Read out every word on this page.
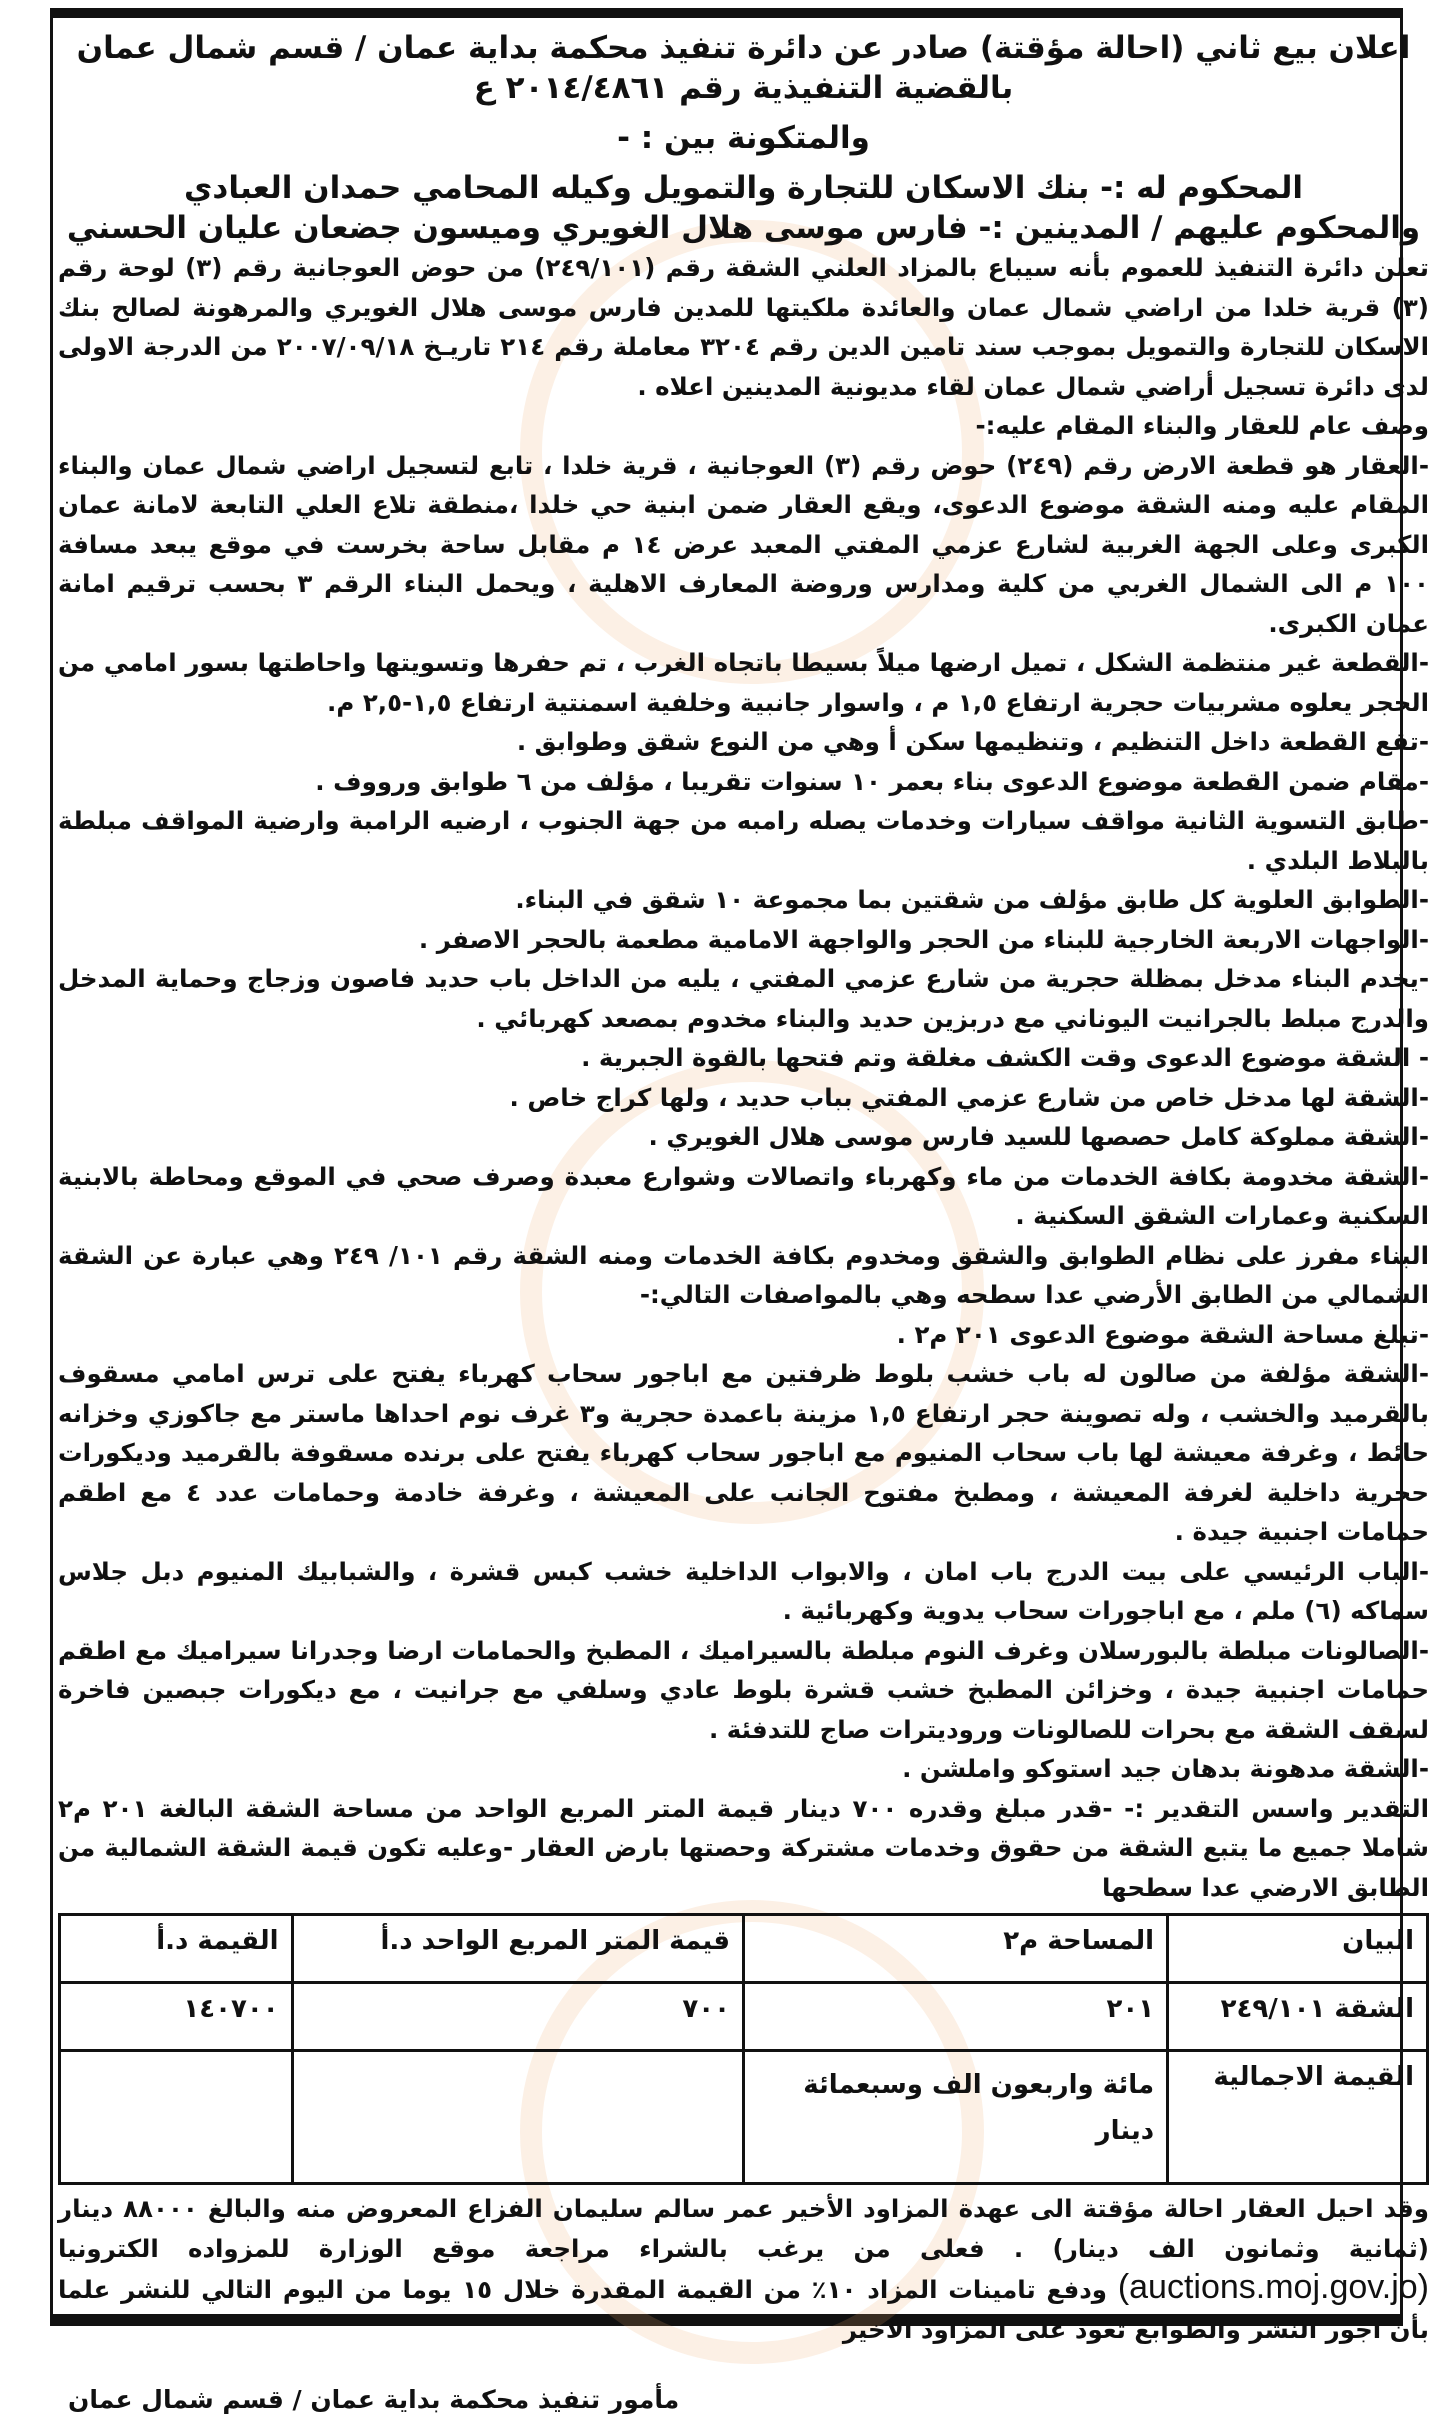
اعلان بيع ثاني (احالة مؤقتة) صادر عن دائرة تنفيذ محكمة بداية عمان / قسم شمال عمان

بالقضية التنفيذية رقم ٢٠١٤/٤٨٦١ ع

والمتكونة بين : -

المحكوم له :- بنك الاسكان للتجارة والتمويل وكيله المحامي حمدان العبادي

والمحكوم عليهم / المدينين :- فارس موسى هلال الغويري وميسون جضعان عليان الحسني

تعلن دائرة التنفيذ للعموم بأنه سيباع بالمزاد العلني الشقة رقم (٢٤٩/١٠١) من حوض العوجانية رقم (٣) لوحة رقم (٣) قرية خلدا من اراضي شمال عمان والعائدة ملكيتها للمدين فارس موسى هلال الغويري والمرهونة لصالح بنك الاسكان للتجارة والتمويل بموجب سند تامين الدين رقم ٣٢٠٤ معاملة رقم ٢١٤ تاريـخ ٢٠٠٧/٠٩/١٨ من الدرجة الاولى لدى دائرة تسجيل أراضي شمال عمان لقاء مديونية المدينين اعلاه .

وصف عام للعقار والبناء المقام عليه:-

-العقار هو قطعة الارض رقم (٢٤٩) حوض رقم (٣) العوجانية ، قرية خلدا ، تابع لتسجيل اراضي شمال عمان والبناء المقام عليه ومنه الشقة موضوع الدعوى، ويقع العقار ضمن ابنية حي خلدا ،منطقة تلاع العلي التابعة لامانة عمان الكبرى وعلى الجهة الغربية لشارع عزمي المفتي المعبد عرض ١٤ م مقابل ساحة بخرست في موقع يبعد مسافة ١٠٠ م الى الشمال الغربي من كلية ومدارس وروضة المعارف الاهلية ، ويحمل البناء الرقم ٣ بحسب ترقيم امانة عمان الكبرى.

-القطعة غير منتظمة الشكل ، تميل ارضها ميلاً بسيطا باتجاه الغرب ، تم حفرها وتسويتها واحاطتها بسور امامي من الحجر يعلوه مشربيات حجرية ارتفاع ١,٥ م ، واسوار جانبية وخلفية اسمنتية ارتفاع ١,٥-٢,٥ م.

-تقع القطعة داخل التنظيم ، وتنظيمها سكن أ وهي من النوع شقق وطوابق .

-مقام ضمن القطعة موضوع الدعوى بناء بعمر ١٠ سنوات تقريبا ، مؤلف من ٦ طوابق ورووف .

-طابق التسوية الثانية مواقف سيارات وخدمات يصله رامبه من جهة الجنوب ، ارضيه الرامبة وارضية المواقف مبلطة بالبلاط البلدي .

-الطوابق العلوية كل طابق مؤلف من شقتين بما مجموعة ١٠ شقق في البناء.

-الواجهات الاربعة الخارجية للبناء من الحجر والواجهة الامامية مطعمة بالحجر الاصفر .

-يخدم البناء مدخل بمظلة حجرية من شارع عزمي المفتي ، يليه من الداخل باب حديد فاصون وزجاج وحماية المدخل والدرج مبلط بالجرانيت اليوناني مع دربزين حديد والبناء مخدوم بمصعد كهربائي .

- الشقة موضوع الدعوى وقت الكشف مغلقة وتم فتحها بالقوة الجبرية .

-الشقة لها مدخل خاص من شارع عزمي المفتي بباب حديد ، ولها كراج خاص .

-الشقة مملوكة كامل حصصها للسيد فارس موسى هلال الغويري .

-الشقة مخدومة بكافة الخدمات من ماء وكهرباء واتصالات وشوارع معبدة وصرف صحي في الموقع ومحاطة بالابنية السكنية وعمارات الشقق السكنية .

البناء مفرز على نظام الطوابق والشقق ومخدوم بكافة الخدمات ومنه الشقة رقم ١٠١/ ٢٤٩ وهي عبارة عن الشقة الشمالي من الطابق الأرضي عدا سطحه وهي بالمواصفات التالي:-

-تبلغ مساحة الشقة موضوع الدعوى ٢٠١ م٢ .

-الشقة مؤلفة من صالون له باب خشب بلوط ظرفتين مع اباجور سحاب كهرباء يفتح على ترس امامي مسقوف بالقرميد والخشب ، وله تصوينة حجر ارتفاع ١,٥ مزينة باعمدة حجرية و٣ غرف نوم احداها ماستر مع جاكوزي وخزانه حائط ، وغرفة معيشة لها باب سحاب المنيوم مع اباجور سحاب كهرباء يفتح على برنده مسقوفة بالقرميد وديكورات حجرية داخلية لغرفة المعيشة ، ومطبخ مفتوح الجانب على المعيشة ، وغرفة خادمة وحمامات عدد ٤ مع اطقم حمامات اجنبية جيدة .

-الباب الرئيسي على بيت الدرج باب امان ، والابواب الداخلية خشب كبس قشرة ، والشبابيك المنيوم دبل جلاس سماكه (٦) ملم ، مع اباجورات سحاب يدوية وكهربائية .

-الصالونات مبلطة بالبورسلان وغرف النوم مبلطة بالسيراميك ، المطبخ والحمامات ارضا وجدرانا سيراميك مع اطقم حمامات اجنبية جيدة ، وخزائن المطبخ خشب قشرة بلوط عادي وسلفي مع جرانيت ، مع ديكورات جبصين فاخرة لسقف الشقة مع بحرات للصالونات وروديترات صاج للتدفئة .

-الشقة مدهونة بدهان جيد استوكو واملشن .

التقدير واسس التقدير :- -قدر مبلغ وقدره ٧٠٠ دينار قيمة المتر المربع الواحد من مساحة الشقة البالغة ٢٠١ م٢ شاملا جميع ما يتبع الشقة من حقوق وخدمات مشتركة وحصتها بارض العقار -وعليه تكون قيمة الشقة الشمالية من الطابق الارضي عدا سطحها

البيان	المساحة م٢	قيمة المتر المربع الواحد د.أ	القيمة د.أ
الشقة ٢٤٩/١٠١	٢٠١	٧٠٠	١٤٠٧٠٠
القيمة الاجمالية	مائة واربعون الف وسبعمائة دينار		

وقد احيل العقار احالة مؤقتة الى عهدة المزاود الأخير عمر سالم سليمان الفزاع المعروض منه والبالغ ٨٨٠٠٠ دينار (ثمانية وثمانون الف دينار) . فعلى من يرغب بالشراء مراجعة موقع الوزارة للمزواده الكترونيا (auctions.moj.gov.jo) ودفع تامينات المزاد ١٠٪ من القيمة المقدرة خلال ١٥ يوما من اليوم التالي للنشر علما بأن اجور النشر والطوابع تعود على المزاود الاخير

مأمور تنفيذ محكمة بداية عمان / قسم شمال عمان
